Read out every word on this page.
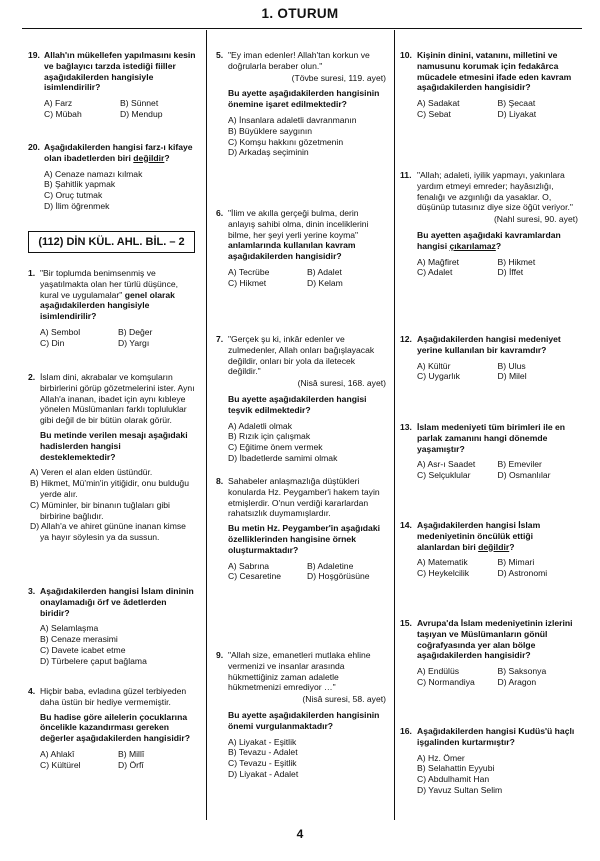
1. OTURUM
19. Allah'ın mükellefen yapılmasını kesin ve bağlayıcı tarzda istediği fiiller aşağıdakilerden hangisiyle isimlendirilir?
A) Farz	B) Sünnet
C) Mübah	D) Mendup
20. Aşağıdakilerden hangisi farz-ı kifaye olan ibadetlerden biri değildir?
A) Cenaze namazı kılmak
B) Şahitlik yapmak
C) Oruç tutmak
D) İlim öğrenmek
(112) DİN KÜL. AHL. BİL. – 2
1. "Bir toplumda benimsenmiş ve yaşatılmakta olan her türlü düşünce, kural ve uygulamalar" genel olarak aşağıdakilerden hangisiyle isimlendirilir?
A) Sembol	B) Değer
C) Din	D) Yargı
2. İslam dini, akrabalar ve komşuların birbirlerini görüp gözetmelerini ister. Aynı Allah'a inanan, ibadet için aynı kıbleye yönelen Müslümanları farklı topluluklar gibi değil de bir bütün olarak görür.
Bu metinde verilen mesajı aşağıdaki hadislerden hangisi desteklemektedir?
A) Veren el alan elden üstündür.
B) Hikmet, Mü'min'in yitiğidir, onu bulduğu yerde alır.
C) Müminler, bir binanın tuğlaları gibi birbirine bağlıdır.
D) Allah'a ve ahiret gününe inanan kimse ya hayır söylesin ya da sussun.
3. Aşağıdakilerden hangisi İslam dininin onaylamadığı örf ve âdetlerden biridir?
A) Selamlaşma
B) Cenaze merasimi
C) Davete icabet etme
D) Türbelere çaput bağlama
4. Hiçbir baba, evladına güzel terbiyeden daha üstün bir hediye vermemiştir.
Bu hadise göre ailelerin çocuklarına öncelikle kazandırması gereken değerler aşağıdakilerden hangisidir?
A) Ahlakî	B) Millî
C) Kültürel	D) Örfî
5. "Ey iman edenler! Allah'tan korkun ve doğrularla beraber olun."
(Tövbe suresi, 119. ayet)
Bu ayette aşağıdakilerden hangisinin önemine işaret edilmektedir?
A) İnsanlara adaletli davranmanın
B) Büyüklere saygının
C) Komşu hakkını gözetmenin
D) Arkadaş seçiminin
6. "İlim ve akılla gerçeği bulma, derin anlayış sahibi olma, dinin inceliklerini bilme, her şeyi yerli yerine koyma"
anlamlarında kullanılan kavram aşağıdakilerden hangisidir?
A) Tecrübe	B) Adalet
C) Hikmet	D) Kelam
7. "Gerçek şu ki, inkâr edenler ve zulmedenler, Allah onları bağışlayacak değildir, onları bir yola da iletecek değildir."
(Nisâ suresi, 168. ayet)
Bu ayette aşağıdakilerden hangisi teşvik edilmektedir?
A) Adaletli olmak
B) Rızık için çalışmak
C) Eğitime önem vermek
D) İbadetlerde samimi olmak
8. Sahabeler anlaşmazlığa düştükleri konularda Hz. Peygamber'i hakem tayin etmişlerdir. O'nun verdiği kararlardan rahatsızlık duymamışlardır.
Bu metin Hz. Peygamber'in aşağıdaki özelliklerinden hangisine örnek oluşturmaktadır?
A) Sabrına	B) Adaletine
C) Cesaretine	D) Hoşgörüsüne
9. "Allah size, emanetleri mutlaka ehline vermenizi ve insanlar arasında hükmettiğiniz zaman adaletle hükmetmenizi emrediyor …"
(Nisâ suresi, 58. ayet)
Bu ayette aşağıdakilerden hangisinin önemi vurgulanmaktadır?
A) Liyakat - Eşitlik
B) Tevazu - Adalet
C) Tevazu - Eşitlik
D) Liyakat - Adalet
10. Kişinin dinini, vatanını, milletini ve namusunu korumak için fedakârca mücadele etmesini ifade eden kavram aşağıdakilerden hangisidir?
A) Sadakat	B) Şecaat
C) Sebat	D) Liyakat
11. "Allah; adaleti, iyilik yapmayı, yakınlara yardım etmeyi emreder; hayâsızlığı, fenalığı ve azgınlığı da yasaklar. O, düşünüp tutasınız diye size öğüt veriyor."
(Nahl suresi, 90. ayet)
Bu ayetten aşağıdaki kavramlardan hangisi çıkarılamaz?
A) Mağfiret	B) Hikmet
C) Adalet	D) İffet
12. Aşağıdakilerden hangisi medeniyet yerine kullanılan bir kavramdır?
A) Kültür	B) Ulus
C) Uygarlık	D) Milel
13. İslam medeniyeti tüm birimleri ile en parlak zamanını hangi dönemde yaşamıştır?
A) Asr-ı Saadet	B) Emeviler
C) Selçuklular	D) Osmanlılar
14. Aşağıdakilerden hangisi İslam medeniyetinin öncülük ettiği alanlardan biri değildir?
A) Matematik	B) Mimari
C) Heykelcilik	D) Astronomi
15. Avrupa'da İslam medeniyetinin izlerini taşıyan ve Müslümanların gönül coğrafyasında yer alan bölge aşağıdakilerden hangisidir?
A) Endülüs	B) Saksonya
C) Normandiya	D) Aragon
16. Aşağıdakilerden hangisi Kudüs'ü haçlı işgalinden kurtarmıştır?
A) Hz. Ömer
B) Selahattin Eyyubi
C) Abdulhamit Han
D) Yavuz Sultan Selim
4
